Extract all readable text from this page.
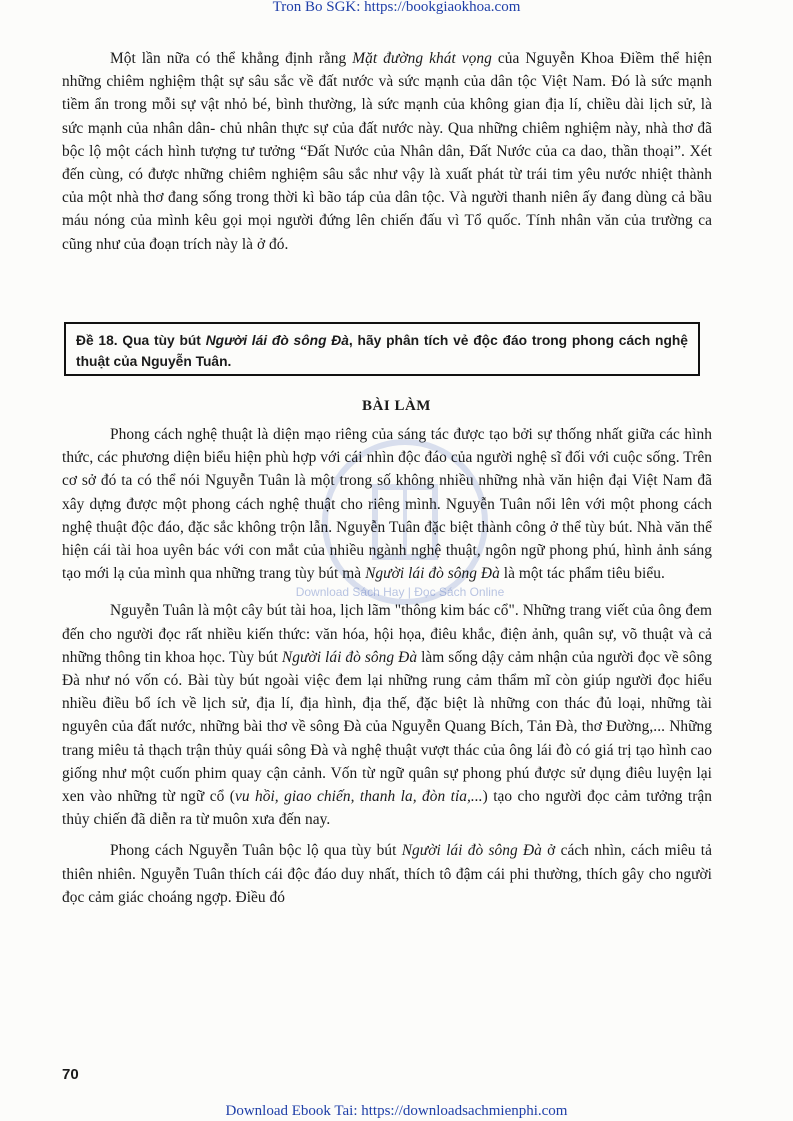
Tron Bo SGK: https://bookgiaokhoa.com

Một lần nữa có thể khẳng định rằng Mặt đường khát vọng của Nguyễn Khoa Điềm thể hiện những chiêm nghiệm thật sự sâu sắc về đất nước và sức mạnh của dân tộc Việt Nam. Đó là sức mạnh tiềm ẩn trong mỗi sự vật nhỏ bé, bình thường, là sức mạnh của không gian địa lí, chiều dài lịch sử, là sức mạnh của nhân dân- chủ nhân thực sự của đất nước này. Qua những chiêm nghiệm này, nhà thơ đã bộc lộ một cách hình tượng tư tưởng “Đất Nước của Nhân dân, Đất Nước của ca dao, thần thoại”. Xét đến cùng, có được những chiêm nghiệm sâu sắc như vậy là xuất phát từ trái tim yêu nước nhiệt thành của một nhà thơ đang sống trong thời kì bão táp của dân tộc. Và người thanh niên ấy đang dùng cả bầu máu nóng của mình kêu gọi mọi người đứng lên chiến đấu vì Tổ quốc. Tính nhân văn của trường ca cũng như của đoạn trích này là ở đó.

Đề 18. Qua tùy bút Người lái đò sông Đà, hãy phân tích vẻ độc đáo trong phong cách nghệ thuật của Nguyễn Tuân.
BÀI LÀM
Download Sách Hay | Đọc Sách Online

Phong cách nghệ thuật là diện mạo riêng của sáng tác được tạo bởi sự thống nhất giữa các hình thức, các phương diện biểu hiện phù hợp với cái nhìn độc đáo của người nghệ sĩ đối với cuộc sống. Trên cơ sở đó ta có thể nói Nguyễn Tuân là một trong số không nhiều những nhà văn hiện đại Việt Nam đã xây dựng được một phong cách nghệ thuật cho riêng mình. Nguyễn Tuân nổi lên với một phong cách nghệ thuật độc đáo, đặc sắc không trộn lẫn. Nguyễn Tuân đặc biệt thành công ở thể tùy bút. Nhà văn thể hiện cái tài hoa uyên bác với con mắt của nhiều ngành nghệ thuật, ngôn ngữ phong phú, hình ảnh sáng tạo mới lạ của mình qua những trang tùy bút mà Người lái đò sông Đà là một tác phẩm tiêu biểu.

Nguyễn Tuân là một cây bút tài hoa, lịch lãm "thông kim bác cổ". Những trang viết của ông đem đến cho người đọc rất nhiều kiến thức: văn hóa, hội họa, điêu khắc, điện ảnh, quân sự, võ thuật và cả những thông tin khoa học. Tùy bút Người lái đò sông Đà làm sống dậy cảm nhận của người đọc về sông Đà như nó vốn có. Bài tùy bút ngoài việc đem lại những rung cảm thẩm mĩ còn giúp người đọc hiểu nhiều điều bổ ích về lịch sử, địa lí, địa hình, địa thế, đặc biệt là những con thác đủ loại, những tài nguyên của đất nước, những bài thơ về sông Đà của Nguyễn Quang Bích, Tản Đà, thơ Đường,... Những trang miêu tả thạch trận thủy quái sông Đà và nghệ thuật vượt thác của ông lái đò có giá trị tạo hình cao giống như một cuốn phim quay cận cảnh. Vốn từ ngữ quân sự phong phú được sử dụng điêu luyện lại xen vào những từ ngữ cổ (vu hồi, giao chiến, thanh la, đòn tỉa,...) tạo cho người đọc cảm tưởng trận thủy chiến đã diễn ra từ muôn xưa đến nay.

Phong cách Nguyễn Tuân bộc lộ qua tùy bút Người lái đò sông Đà ở cách nhìn, cách miêu tả thiên nhiên. Nguyễn Tuân thích cái độc đáo duy nhất, thích tô đậm cái phi thường, thích gây cho người đọc cảm giác choáng ngợp. Điều đó

70
Download Ebook Tai: https://downloadsachmienphi.com
